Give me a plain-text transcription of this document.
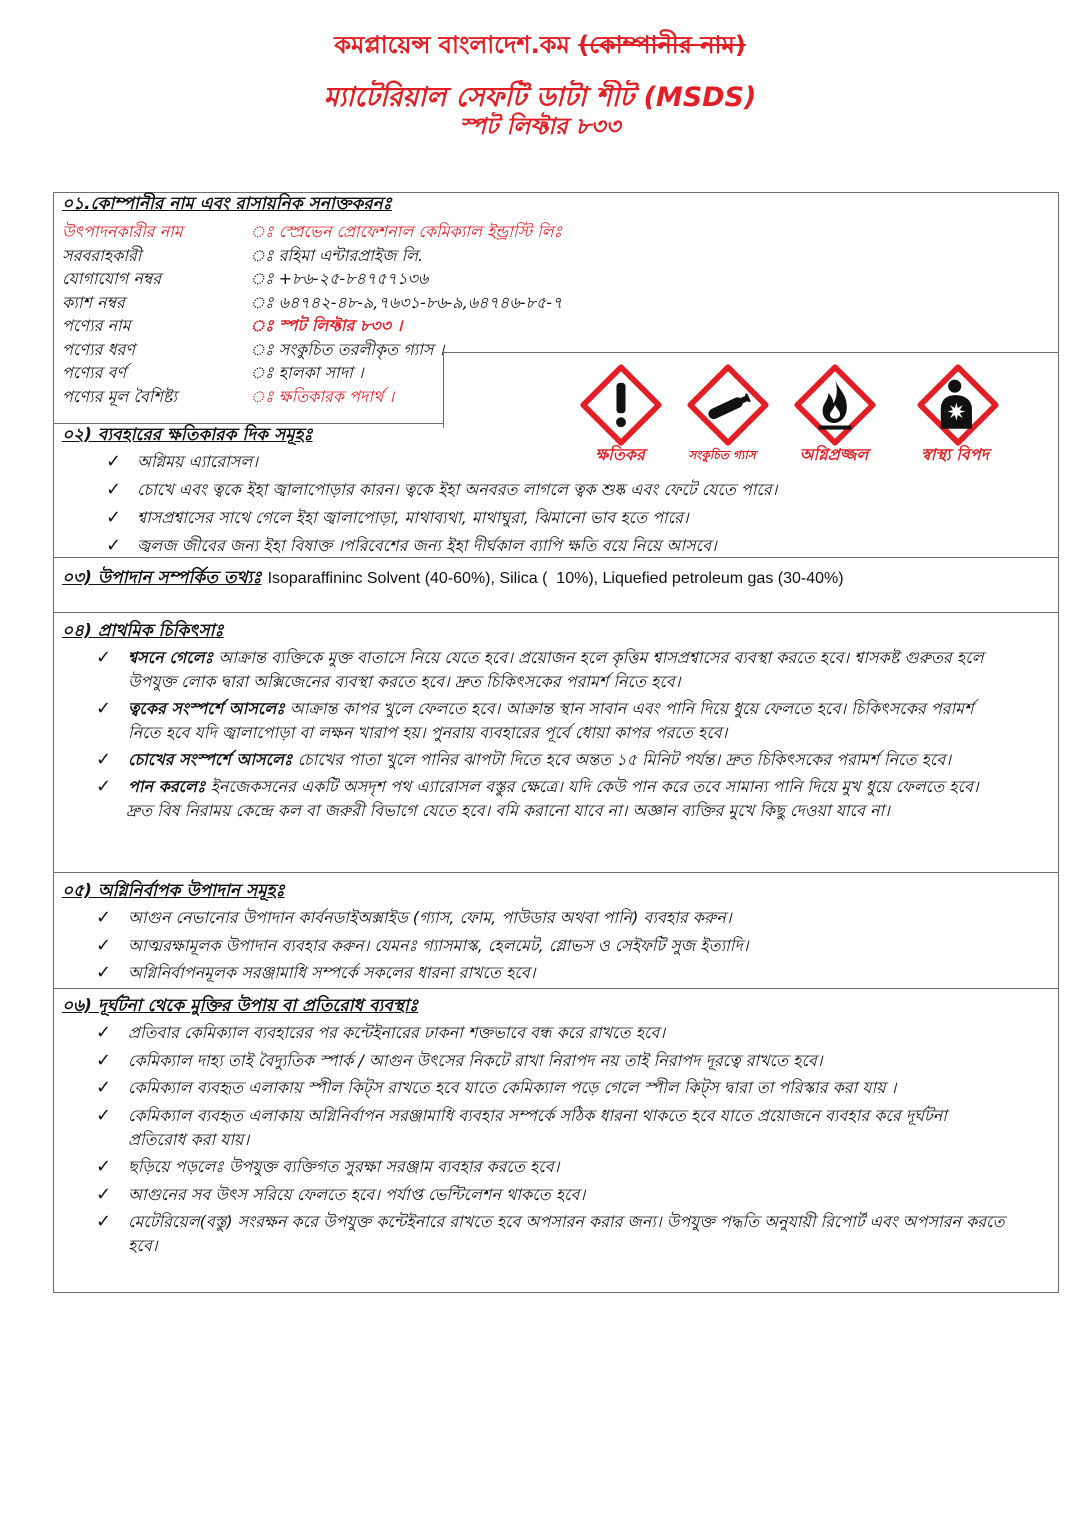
কমপ্লায়েন্স বাংলাদেশ.কম (কোম্পানীর নাম)
ম্যাটেরিয়াল সেফটি ডাটা শীট (MSDS)
স্পট লিফ্টার ৮৩৩
০১.কোম্পানীর নাম এবং রাসায়নিক সনাক্তকরনঃ
উৎপাদনকারীর নাম	ঃ স্প্রেভেন প্রোফেশনাল কেমিক্যাল ইন্ড্রাস্টি লিঃ
সরবরাহকারী	ঃ রহিমা এন্টারপ্রাইজ লি.
যোগাযোগ নম্বর	ঃ +৮৬-২৫-৮৪৭৫৭১৩৬
ক্যাশ নম্বর	ঃ ৬৪৭৪২-৪৮-৯,৭৬৩১-৮৬-৯,৬৪৭৪৬-৮৫-৭
পণ্যের নাম	ঃ স্পট লিফ্টার ৮৩৩ ।
পণ্যের ধরণ	ঃ সংকুচিত তরলীকৃত গ্যাস ।
পণ্যের বর্ণ	ঃ হালকা সাদা ।
পণ্যের মূল বৈশিষ্ট্য	ঃ ক্ষতিকারক পদার্থ ।
০২) ব্যবহারের ক্ষতিকারক দিক সমূহঃ
✓
অগ্নিময় এ্যারোসল।
✓
চোখে এবং ত্বকে ইহা জ্বালাপোড়ার কারন। ত্বকে ইহা অনবরত লাগলে ত্বক শুষ্ক এবং ফেটে যেতে পারে।
✓
শ্বাসপ্রশ্বাসের সাথে গেলে ইহা জ্বালাপোড়া, মাথাব্যথা, মাথাঘুরা, ঝিমানো ভাব হতে পারে।
✓
জ্বলজ জীবের জন্য ইহা বিষাক্ত ।পরিবেশের জন্য ইহা দীর্ঘকাল ব্যাপি ক্ষতি বয়ে নিয়ে আসবে।
ক্ষতিকর	সংকুচিত গ্যাস	অগ্নিপ্রজ্জল	স্বাস্থ্য বিপদ
০৩) উপাদান সম্পর্কিত তথ্যঃ Isoparaffininc Solvent (40-60%), Silica (  10%), Liquefied petroleum gas (30-40%)
০৪) প্রাথমিক চিকিৎসাঃ
✓
শ্বসনে গেলেঃ আক্রান্ত ব্যক্তিকে মুক্ত বাতাসে নিয়ে যেতে হবে। প্রয়োজন হলে কৃত্তিম শ্বাসপ্রশ্বাসের ব্যবস্থা করতে হবে। শ্বাসকষ্ট গুরুতর হলে উপযুক্ত লোক দ্বারা অক্সিজেনের ব্যবস্থা করতে হবে। দ্রুত চিকিৎসকের পরামর্শ নিতে হবে।
✓
ত্বকের সংস্পর্শে আসলেঃ আক্রান্ত কাপর খুলে ফেলতে হবে। আক্রান্ত স্থান সাবান এবং পানি দিয়ে ধুয়ে ফেলতে হবে। চিকিৎসকের পরামর্শ নিতে হবে যদি জ্বালাপোড়া বা লক্ষন খারাপ হয়। পুনরায় ব্যবহারের পূর্বে ধোয়া কাপর পরতে হবে।
✓
চোখের সংস্পর্শে আসলেঃ চোখের পাতা খুলে পানির ঝাপটা দিতে হবে অন্তত ১৫ মিনিট পর্যন্ত। দ্রুত চিকিৎসকের পরামর্শ নিতে হবে।
✓
পান করলেঃ ইনজেকসনের একটি অসদৃশ পথ এ্যারোসল বস্তুর ক্ষেত্রে। যদি কেউ পান করে তবে সামান্য পানি দিয়ে মুখ ধুয়ে ফেলতে হবে।

দ্রুত বিষ নিরাময় কেন্দ্রে কল বা জরুরী বিভাগে যেতে হবে। বমি করানো যাবে না। অজ্ঞান ব্যক্তির মুখে কিছু দেওয়া যাবে না।

০৫) অগ্নিনির্বাপক উপাদান সমূহঃ
✓
আগুন নেভানোর উপাদান কার্বনডাইঅক্সাইড (গ্যাস, ফোম, পাউডার অথবা পানি) ব্যবহার করুন।
✓
আত্মরক্ষামূলক উপাদান ব্যবহার করুন। যেমনঃ গ্যাসমাস্ক, হেলমেট, গ্লোভস ও সেইফটি সুজ ইত্যাদি।
✓
অগ্নিনির্বাপনমূলক সরঞ্জামাধি সম্পর্কে সকলের ধারনা রাখতে হবে।
০৬) দূর্ঘটনা থেকে মুক্তির উপায় বা প্রতিরোধ ব্যবস্থাঃ
✓
প্রতিবার কেমিক্যাল ব্যবহারের পর কন্টেইনারের ঢাকনা শক্তভাবে বন্ধ করে রাখতে হবে।
✓
কেমিক্যাল দাহ্য তাই বৈদ্যুতিক স্পার্ক / আগুন উৎসের নিকটে রাখা নিরাপদ নয় তাই নিরাপদ দূরত্বে রাখতে হবে।
✓
কেমিক্যাল ব্যবহৃত এলাকায় স্পীল কিট্স রাখতে হবে যাতে কেমিক্যাল পড়ে গেলে স্পীল কিট্স দ্বারা তা পরিস্কার করা যায় ।
✓
কেমিক্যাল ব্যবহৃত এলাকায় অগ্নিনির্বাপন সরঞ্জামাধি ব্যবহার সম্পর্কে সঠিক ধারনা থাকতে হবে যাতে প্রয়োজনে ব্যবহার করে দূর্ঘটনা প্রতিরোধ করা যায়।
✓
ছড়িয়ে পড়লেঃ উপযুক্ত ব্যক্তিগত সুরক্ষা সরঞ্জাম ব্যবহার করতে হবে।
✓
আগুনের সব উৎস সরিয়ে ফেলতে হবে। পর্যাপ্ত ভেন্টিলেশন থাকতে হবে।
✓
মেটেরিয়েল(বস্তু) সংরক্ষন করে উপযুক্ত কন্টেইনারে রাখতে হবে অপসারন করার জন্য। উপযুক্ত পদ্ধতি অনুযায়ী রিপোর্ট এবং অপসারন করতে হবে।
